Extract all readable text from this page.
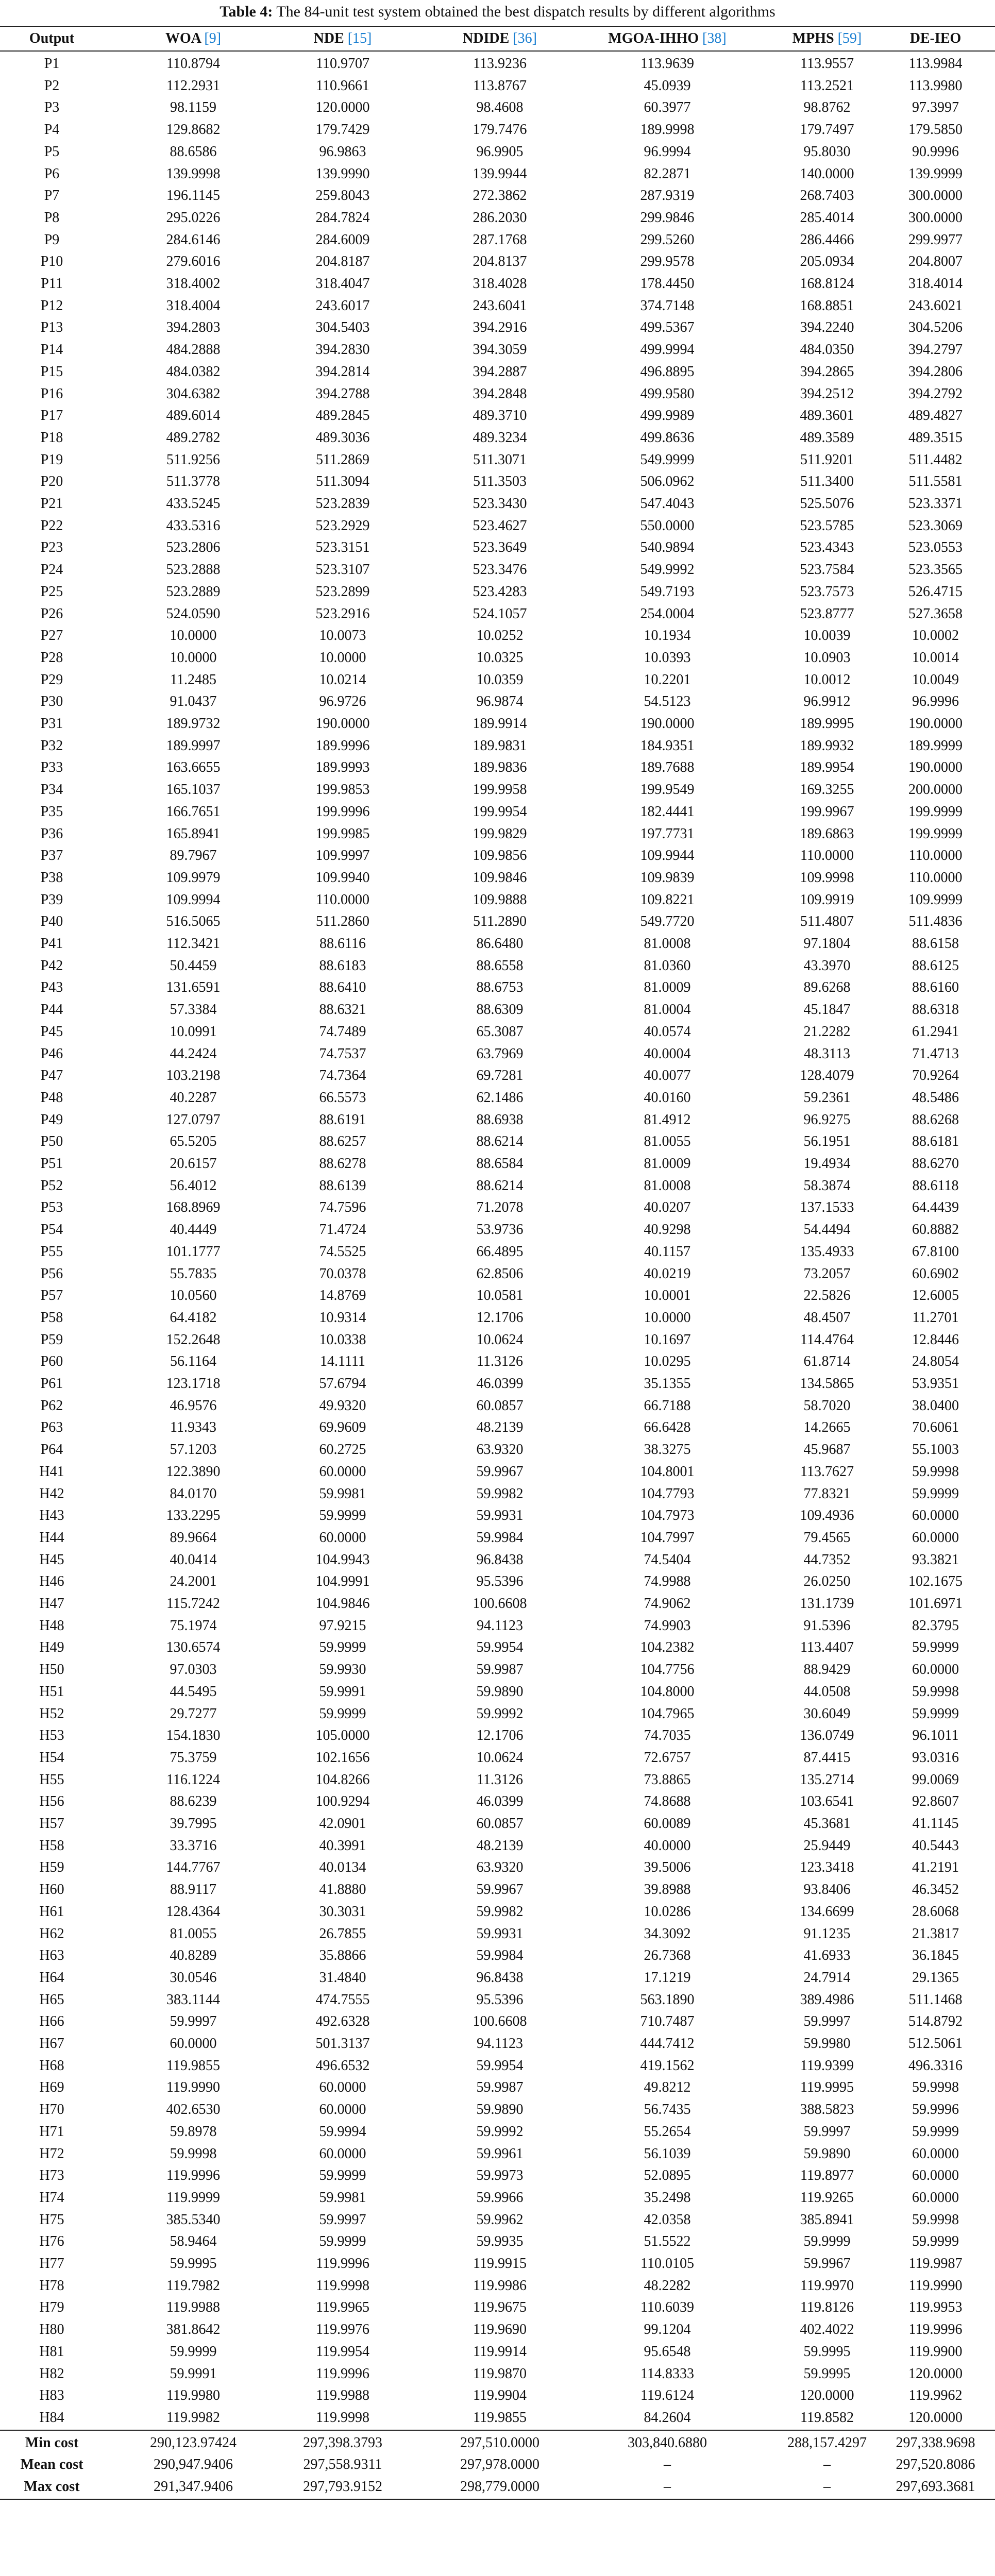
Table 4: The 84-unit test system obtained the best dispatch results by different algorithms
Output	WOA [9]	NDE [15]	NDIDE [36]	MGOA-IHHO [38]	MPHS [59]	DE-IEO
P1	110.8794	110.9707	113.9236	113.9639	113.9557	113.9984
P2	112.2931	110.9661	113.8767	45.0939	113.2521	113.9980
P3	98.1159	120.0000	98.4608	60.3977	98.8762	97.3997
P4	129.8682	179.7429	179.7476	189.9998	179.7497	179.5850
P5	88.6586	96.9863	96.9905	96.9994	95.8030	90.9996
P6	139.9998	139.9990	139.9944	82.2871	140.0000	139.9999
P7	196.1145	259.8043	272.3862	287.9319	268.7403	300.0000
P8	295.0226	284.7824	286.2030	299.9846	285.4014	300.0000
P9	284.6146	284.6009	287.1768	299.5260	286.4466	299.9977
P10	279.6016	204.8187	204.8137	299.9578	205.0934	204.8007
P11	318.4002	318.4047	318.4028	178.4450	168.8124	318.4014
P12	318.4004	243.6017	243.6041	374.7148	168.8851	243.6021
P13	394.2803	304.5403	394.2916	499.5367	394.2240	304.5206
P14	484.2888	394.2830	394.3059	499.9994	484.0350	394.2797
P15	484.0382	394.2814	394.2887	496.8895	394.2865	394.2806
P16	304.6382	394.2788	394.2848	499.9580	394.2512	394.2792
P17	489.6014	489.2845	489.3710	499.9989	489.3601	489.4827
P18	489.2782	489.3036	489.3234	499.8636	489.3589	489.3515
P19	511.9256	511.2869	511.3071	549.9999	511.9201	511.4482
P20	511.3778	511.3094	511.3503	506.0962	511.3400	511.5581
P21	433.5245	523.2839	523.3430	547.4043	525.5076	523.3371
P22	433.5316	523.2929	523.4627	550.0000	523.5785	523.3069
P23	523.2806	523.3151	523.3649	540.9894	523.4343	523.0553
P24	523.2888	523.3107	523.3476	549.9992	523.7584	523.3565
P25	523.2889	523.2899	523.4283	549.7193	523.7573	526.4715
P26	524.0590	523.2916	524.1057	254.0004	523.8777	527.3658
P27	10.0000	10.0073	10.0252	10.1934	10.0039	10.0002
P28	10.0000	10.0000	10.0325	10.0393	10.0903	10.0014
P29	11.2485	10.0214	10.0359	10.2201	10.0012	10.0049
P30	91.0437	96.9726	96.9874	54.5123	96.9912	96.9996
P31	189.9732	190.0000	189.9914	190.0000	189.9995	190.0000
P32	189.9997	189.9996	189.9831	184.9351	189.9932	189.9999
P33	163.6655	189.9993	189.9836	189.7688	189.9954	190.0000
P34	165.1037	199.9853	199.9958	199.9549	169.3255	200.0000
P35	166.7651	199.9996	199.9954	182.4441	199.9967	199.9999
P36	165.8941	199.9985	199.9829	197.7731	189.6863	199.9999
P37	89.7967	109.9997	109.9856	109.9944	110.0000	110.0000
P38	109.9979	109.9940	109.9846	109.9839	109.9998	110.0000
P39	109.9994	110.0000	109.9888	109.8221	109.9919	109.9999
P40	516.5065	511.2860	511.2890	549.7720	511.4807	511.4836
P41	112.3421	88.6116	86.6480	81.0008	97.1804	88.6158
P42	50.4459	88.6183	88.6558	81.0360	43.3970	88.6125
P43	131.6591	88.6410	88.6753	81.0009	89.6268	88.6160
P44	57.3384	88.6321	88.6309	81.0004	45.1847	88.6318
P45	10.0991	74.7489	65.3087	40.0574	21.2282	61.2941
P46	44.2424	74.7537	63.7969	40.0004	48.3113	71.4713
P47	103.2198	74.7364	69.7281	40.0077	128.4079	70.9264
P48	40.2287	66.5573	62.1486	40.0160	59.2361	48.5486
P49	127.0797	88.6191	88.6938	81.4912	96.9275	88.6268
P50	65.5205	88.6257	88.6214	81.0055	56.1951	88.6181
P51	20.6157	88.6278	88.6584	81.0009	19.4934	88.6270
P52	56.4012	88.6139	88.6214	81.0008	58.3874	88.6118
P53	168.8969	74.7596	71.2078	40.0207	137.1533	64.4439
P54	40.4449	71.4724	53.9736	40.9298	54.4494	60.8882
P55	101.1777	74.5525	66.4895	40.1157	135.4933	67.8100
P56	55.7835	70.0378	62.8506	40.0219	73.2057	60.6902
P57	10.0560	14.8769	10.0581	10.0001	22.5826	12.6005
P58	64.4182	10.9314	12.1706	10.0000	48.4507	11.2701
P59	152.2648	10.0338	10.0624	10.1697	114.4764	12.8446
P60	56.1164	14.1111	11.3126	10.0295	61.8714	24.8054
P61	123.1718	57.6794	46.0399	35.1355	134.5865	53.9351
P62	46.9576	49.9320	60.0857	66.7188	58.7020	38.0400
P63	11.9343	69.9609	48.2139	66.6428	14.2665	70.6061
P64	57.1203	60.2725	63.9320	38.3275	45.9687	55.1003
H41	122.3890	60.0000	59.9967	104.8001	113.7627	59.9998
H42	84.0170	59.9981	59.9982	104.7793	77.8321	59.9999
H43	133.2295	59.9999	59.9931	104.7973	109.4936	60.0000
H44	89.9664	60.0000	59.9984	104.7997	79.4565	60.0000
H45	40.0414	104.9943	96.8438	74.5404	44.7352	93.3821
H46	24.2001	104.9991	95.5396	74.9988	26.0250	102.1675
H47	115.7242	104.9846	100.6608	74.9062	131.1739	101.6971
H48	75.1974	97.9215	94.1123	74.9903	91.5396	82.3795
H49	130.6574	59.9999	59.9954	104.2382	113.4407	59.9999
H50	97.0303	59.9930	59.9987	104.7756	88.9429	60.0000
H51	44.5495	59.9991	59.9890	104.8000	44.0508	59.9998
H52	29.7277	59.9999	59.9992	104.7965	30.6049	59.9999
H53	154.1830	105.0000	12.1706	74.7035	136.0749	96.1011
H54	75.3759	102.1656	10.0624	72.6757	87.4415	93.0316
H55	116.1224	104.8266	11.3126	73.8865	135.2714	99.0069
H56	88.6239	100.9294	46.0399	74.8688	103.6541	92.8607
H57	39.7995	42.0901	60.0857	60.0089	45.3681	41.1145
H58	33.3716	40.3991	48.2139	40.0000	25.9449	40.5443
H59	144.7767	40.0134	63.9320	39.5006	123.3418	41.2191
H60	88.9117	41.8880	59.9967	39.8988	93.8406	46.3452
H61	128.4364	30.3031	59.9982	10.0286	134.6699	28.6068
H62	81.0055	26.7855	59.9931	34.3092	91.1235	21.3817
H63	40.8289	35.8866	59.9984	26.7368	41.6933	36.1845
H64	30.0546	31.4840	96.8438	17.1219	24.7914	29.1365
H65	383.1144	474.7555	95.5396	563.1890	389.4986	511.1468
H66	59.9997	492.6328	100.6608	710.7487	59.9997	514.8792
H67	60.0000	501.3137	94.1123	444.7412	59.9980	512.5061
H68	119.9855	496.6532	59.9954	419.1562	119.9399	496.3316
H69	119.9990	60.0000	59.9987	49.8212	119.9995	59.9998
H70	402.6530	60.0000	59.9890	56.7435	388.5823	59.9996
H71	59.8978	59.9994	59.9992	55.2654	59.9997	59.9999
H72	59.9998	60.0000	59.9961	56.1039	59.9890	60.0000
H73	119.9996	59.9999	59.9973	52.0895	119.8977	60.0000
H74	119.9999	59.9981	59.9966	35.2498	119.9265	60.0000
H75	385.5340	59.9997	59.9962	42.0358	385.8941	59.9998
H76	58.9464	59.9999	59.9935	51.5522	59.9999	59.9999
H77	59.9995	119.9996	119.9915	110.0105	59.9967	119.9987
H78	119.7982	119.9998	119.9986	48.2282	119.9970	119.9990
H79	119.9988	119.9965	119.9675	110.6039	119.8126	119.9953
H80	381.8642	119.9976	119.9690	99.1204	402.4022	119.9996
H81	59.9999	119.9954	119.9914	95.6548	59.9995	119.9900
H82	59.9991	119.9996	119.9870	114.8333	59.9995	120.0000
H83	119.9980	119.9988	119.9904	119.6124	120.0000	119.9962
H84	119.9982	119.9998	119.9855	84.2604	119.8582	120.0000
Min cost	290,123.97424	297,398.3793	297,510.0000	303,840.6880	288,157.4297	297,338.9698
Mean cost	290,947.9406	297,558.9311	297,978.0000	–	–	297,520.8086
Max cost	291,347.9406	297,793.9152	298,779.0000	–	–	297,693.3681
